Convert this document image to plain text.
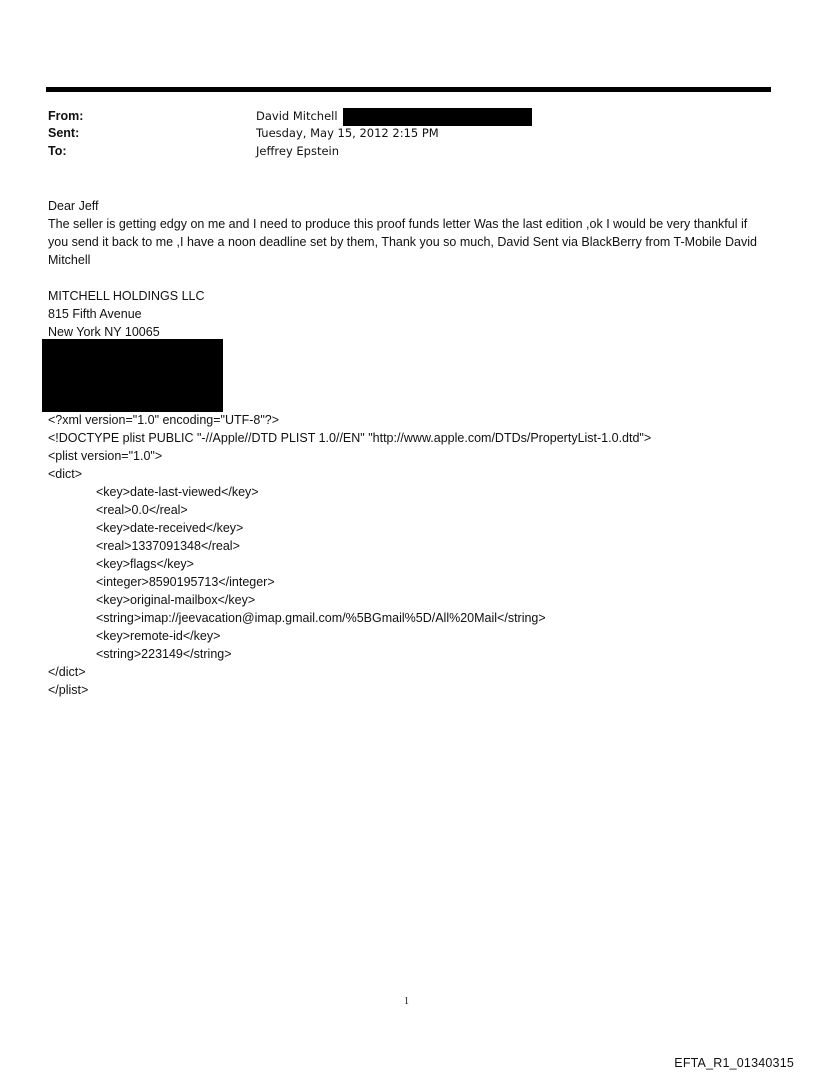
From:	David Mitchell
Sent:	Tuesday, May 15, 2012 2:15 PM
To:	Jeffrey Epstein
Dear Jeff
The seller is getting edgy on me and I need to produce this proof funds letter Was the last edition ,ok I would be very thankful if you send it back to me ,I have a noon deadline set by them, Thank you so much, David Sent via BlackBerry from T-Mobile David Mitchell
MITCHELL HOLDINGS LLC
815 Fifth Avenue
New York NY 10065
<?xml version="1.0" encoding="UTF-8"?>
<!DOCTYPE plist PUBLIC "-//Apple//DTD PLIST 1.0//EN" "http://www.apple.com/DTDs/PropertyList-1.0.dtd">
<plist version="1.0">
<dict>
<key>date-last-viewed</key>
<real>0.0</real>
<key>date-received</key>
<real>1337091348</real>
<key>flags</key>
<integer>8590195713</integer>
<key>original-mailbox</key>
<string>imap://jeevacation@imap.gmail.com/%5BGmail%5D/All%20Mail</string>
<key>remote-id</key>
<string>223149</string>
</dict>
</plist>
1
EFTA_R1_01340315
